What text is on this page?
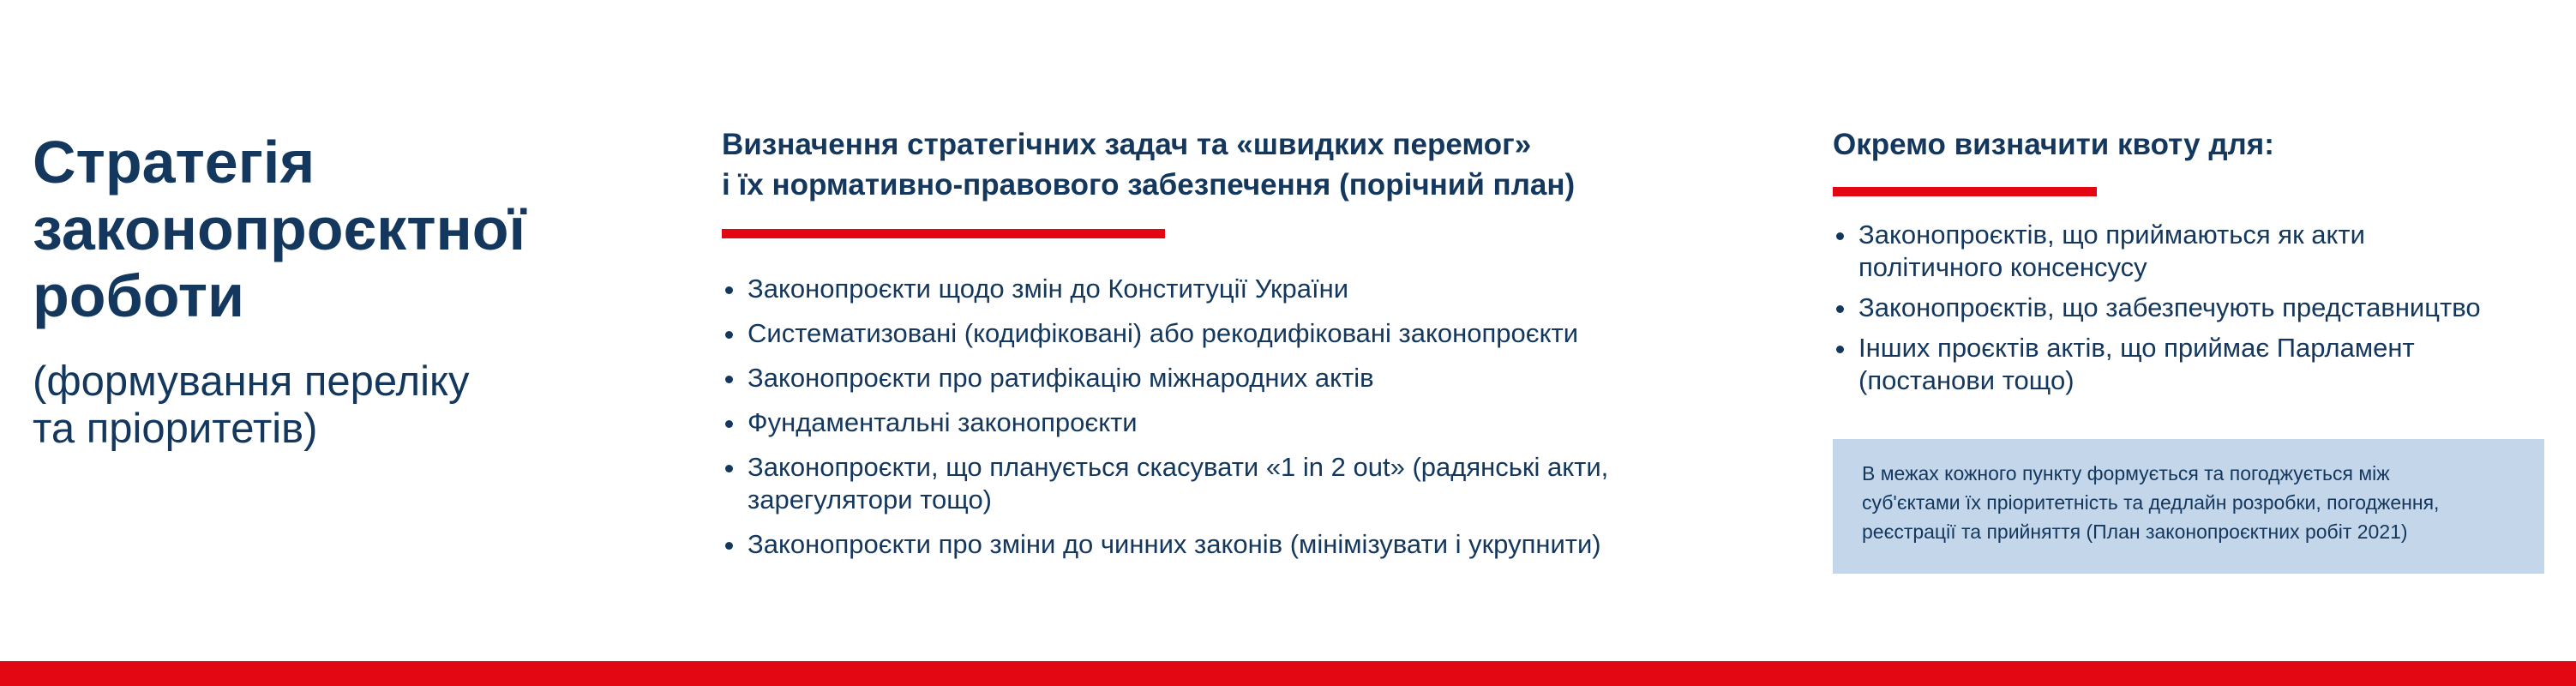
Стратегія
законопроєктної
роботи

(формування переліку
та пріоритетів)

Визначення стратегічних задач та «швидких перемог»
і їх нормативно-правового забезпечення (порічний план)
Законопроєкти щодо змін до Конституції України
Систематизовані (кодифіковані) або рекодифіковані законопроєкти
Законопроєкти про ратифікацію міжнародних актів
Фундаментальні законопроєкти
Законопроєкти, що планується скасувати «1 in 2 out» (радянські акти,
зарегулятори тощо)
Законопроєкти про зміни до чинних законів (мінімізувати і укрупнити)
Окремо визначити квоту для:
Законопроєктів, що приймаються як акти
політичного консенсусу
Законопроєктів, що забезпечують представництво
Інших проєктів актів, що приймає Парламент
(постанови тощо)

В межах кожного пункту формується та погоджується між
суб'єктами їх пріоритетність та дедлайн розробки, погодження,
реєстрації та прийняття (План законопроєктних робіт 2021)
